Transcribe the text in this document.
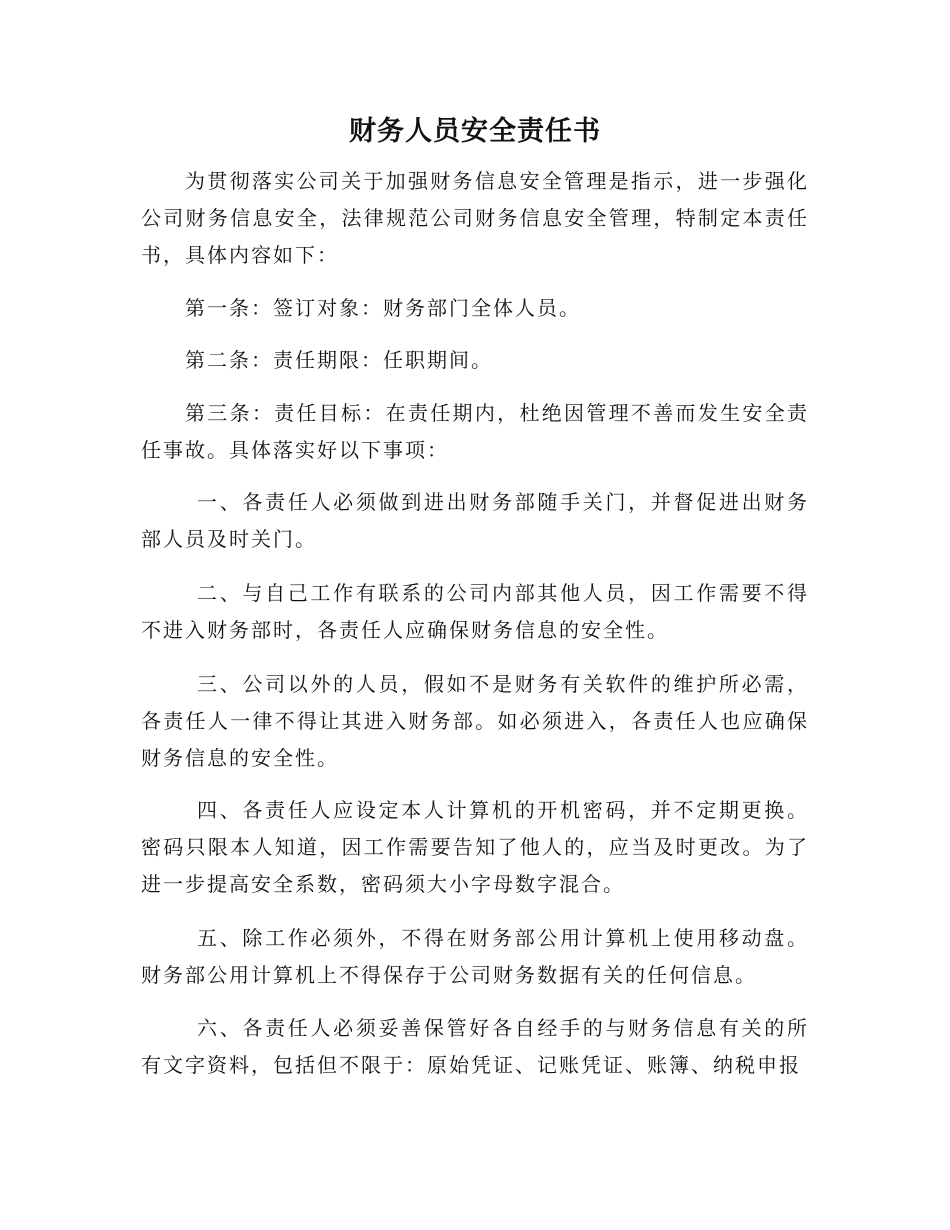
财务人员安全责任书

为贯彻落实公司关于加强财务信息安全管理是指示，进一步强化公司财务信息安全，法律规范公司财务信息安全管理，特制定本责任书，具体内容如下：

第一条：签订对象：财务部门全体人员。

第二条：责任期限：任职期间。

第三条：责任目标：在责任期内，杜绝因管理不善而发生安全责任事故。具体落实好以下事项：

一、各责任人必须做到进出财务部随手关门，并督促进出财务部人员及时关门。

二、与自己工作有联系的公司内部其他人员，因工作需要不得不进入财务部时，各责任人应确保财务信息的安全性。

三、公司以外的人员，假如不是财务有关软件的维护所必需，各责任人一律不得让其进入财务部。如必须进入，各责任人也应确保财务信息的安全性。

四、各责任人应设定本人计算机的开机密码，并不定期更换。密码只限本人知道，因工作需要告知了他人的，应当及时更改。为了进一步提高安全系数，密码须大小字母数字混合。

五、除工作必须外，不得在财务部公用计算机上使用移动盘。财务部公用计算机上不得保存于公司财务数据有关的任何信息。

六、各责任人必须妥善保管好各自经手的与财务信息有关的所有文字资料，包括但不限于：原始凭证、记账凭证、账簿、纳税申报
